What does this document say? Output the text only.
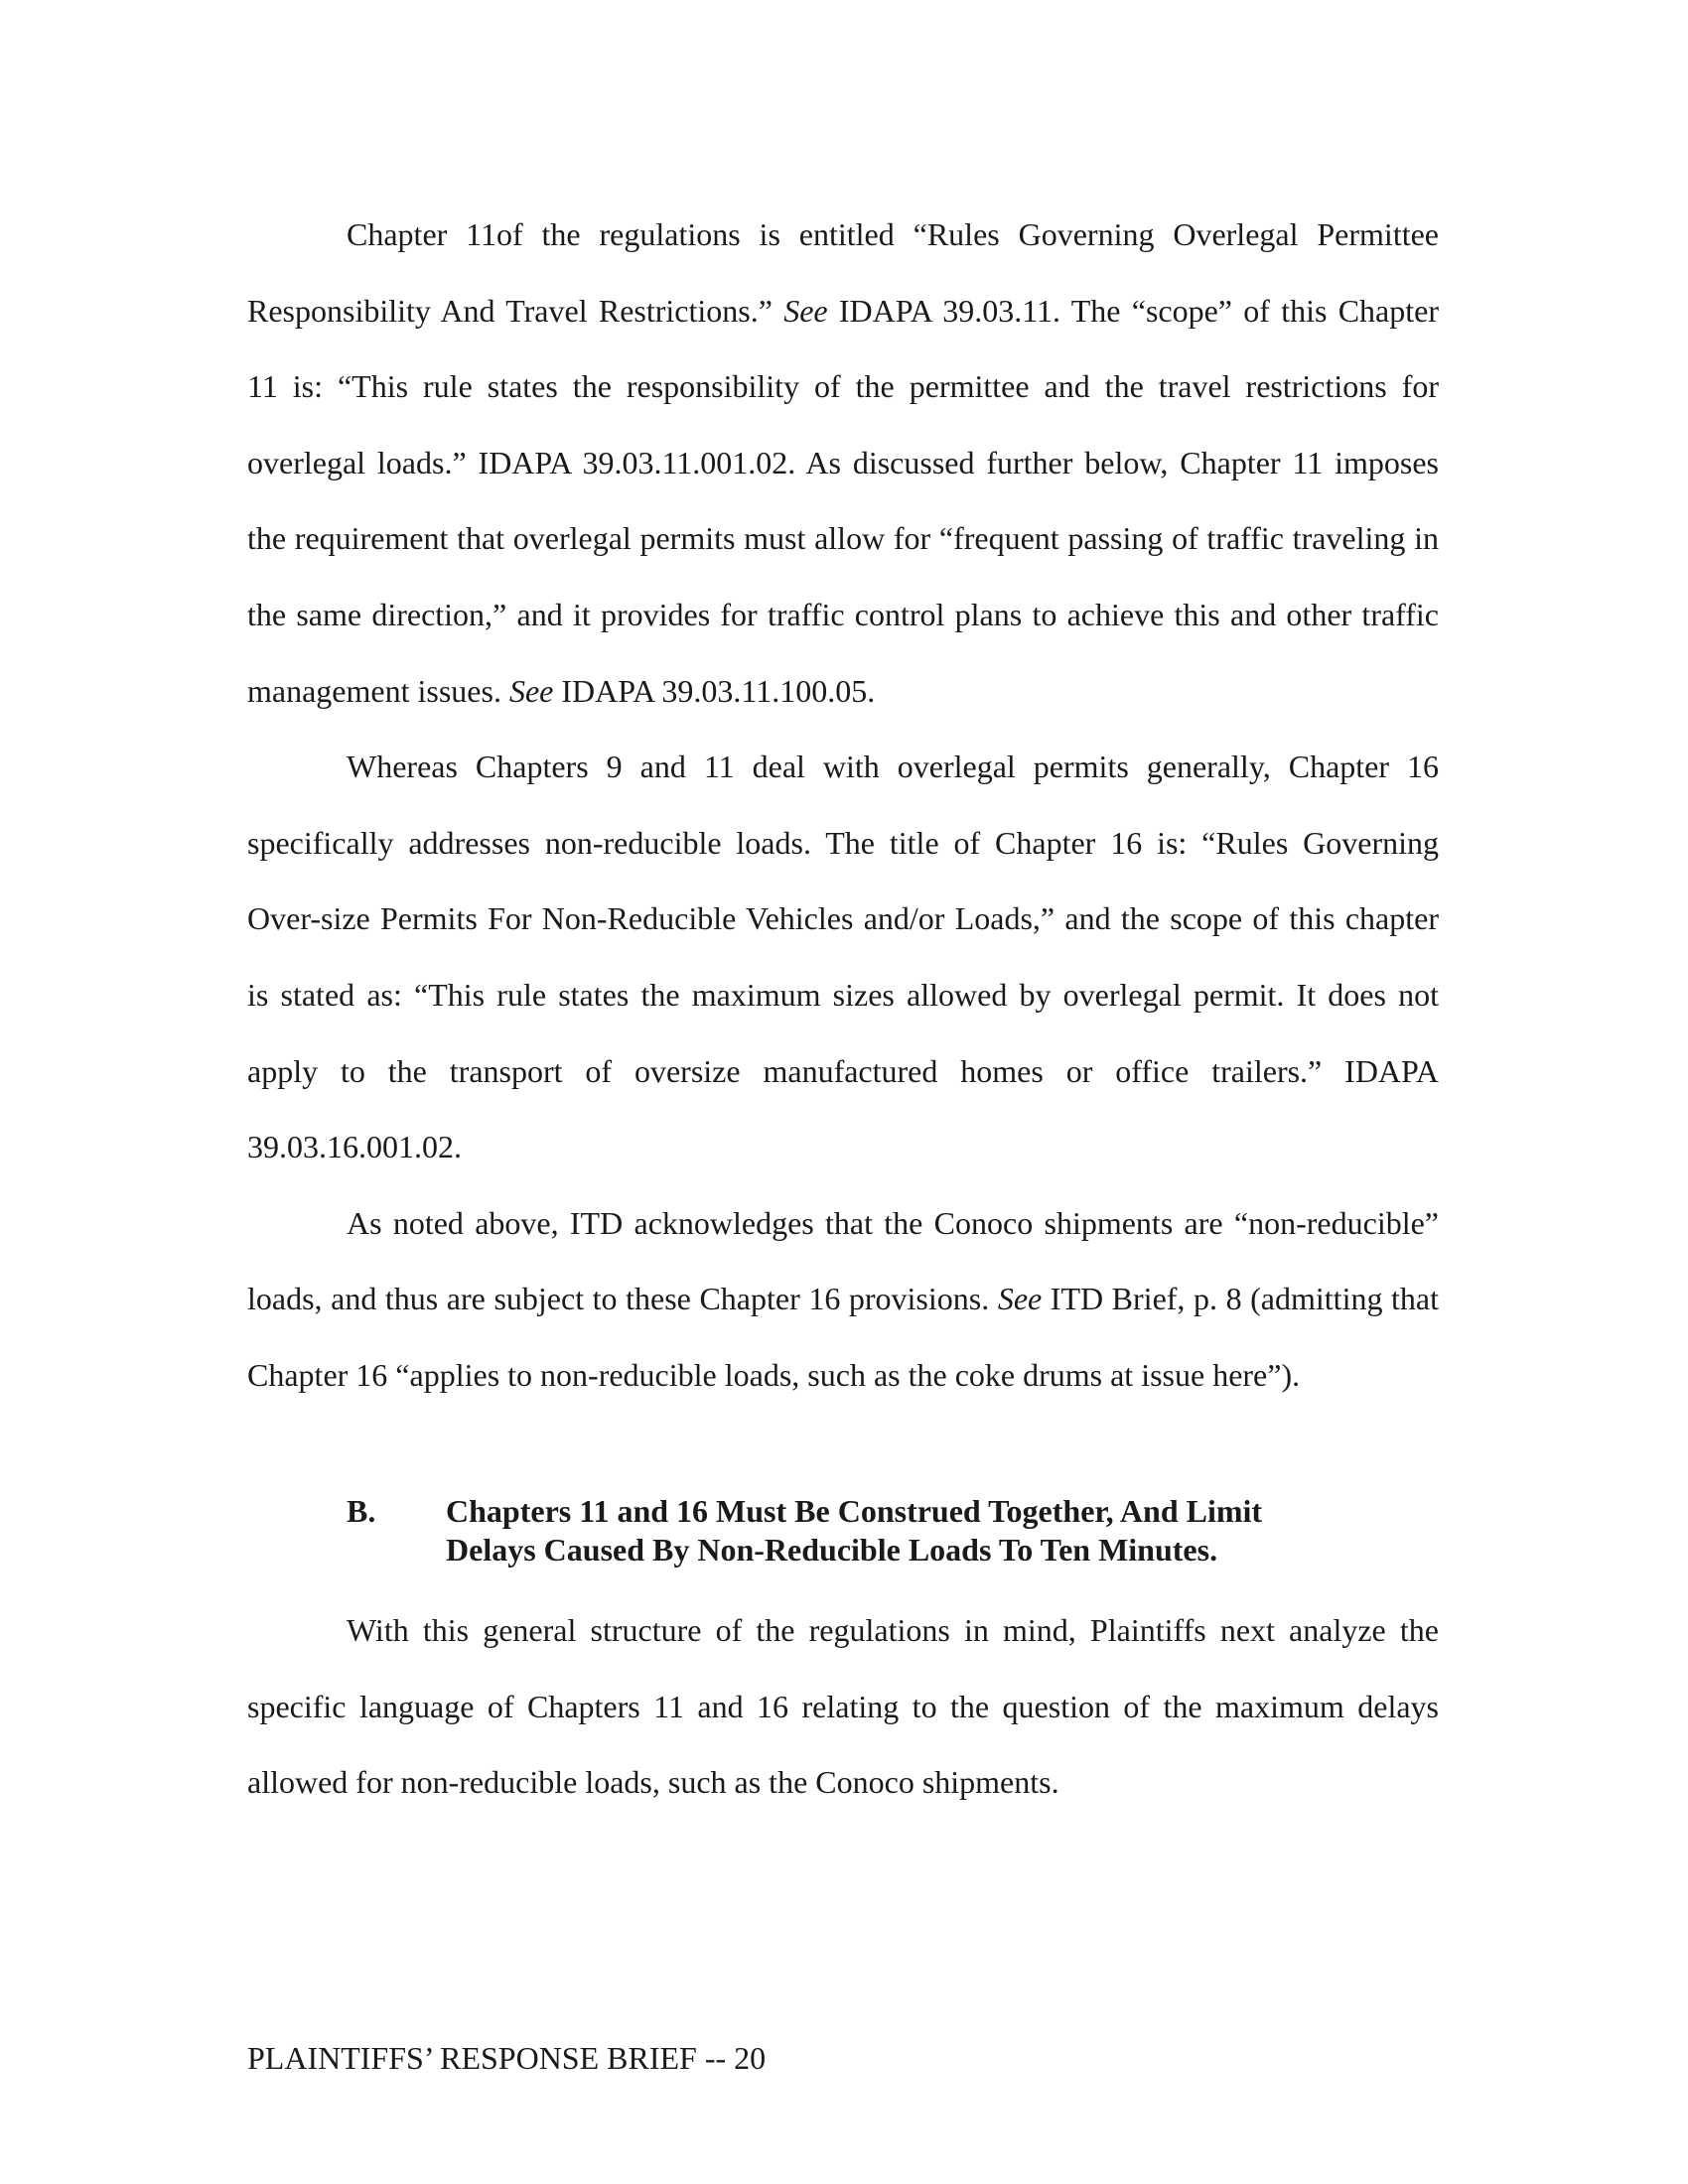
Chapter 11of the regulations is entitled “Rules Governing Overlegal Permittee Responsibility And Travel Restrictions.” See IDAPA 39.03.11. The “scope” of this Chapter 11 is: “This rule states the responsibility of the permittee and the travel restrictions for overlegal loads.” IDAPA 39.03.11.001.02. As discussed further below, Chapter 11 imposes the requirement that overlegal permits must allow for “frequent passing of traffic traveling in the same direction,” and it provides for traffic control plans to achieve this and other traffic management issues. See IDAPA 39.03.11.100.05.

Whereas Chapters 9 and 11 deal with overlegal permits generally, Chapter 16 specifically addresses non-reducible loads. The title of Chapter 16 is: “Rules Governing Over-size Permits For Non-Reducible Vehicles and/or Loads,” and the scope of this chapter is stated as: “This rule states the maximum sizes allowed by overlegal permit. It does not apply to the transport of oversize manufactured homes or office trailers.” IDAPA 39.03.16.001.02.

As noted above, ITD acknowledges that the Conoco shipments are “non-reducible” loads, and thus are subject to these Chapter 16 provisions. See ITD Brief, p. 8 (admitting that Chapter 16 “applies to non-reducible loads, such as the coke drums at issue here”).

B. Chapters 11 and 16 Must Be Construed Together, And Limit Delays Caused By Non-Reducible Loads To Ten Minutes.

With this general structure of the regulations in mind, Plaintiffs next analyze the specific language of Chapters 11 and 16 relating to the question of the maximum delays allowed for non-reducible loads, such as the Conoco shipments.

PLAINTIFFS’ RESPONSE BRIEF -- 20
